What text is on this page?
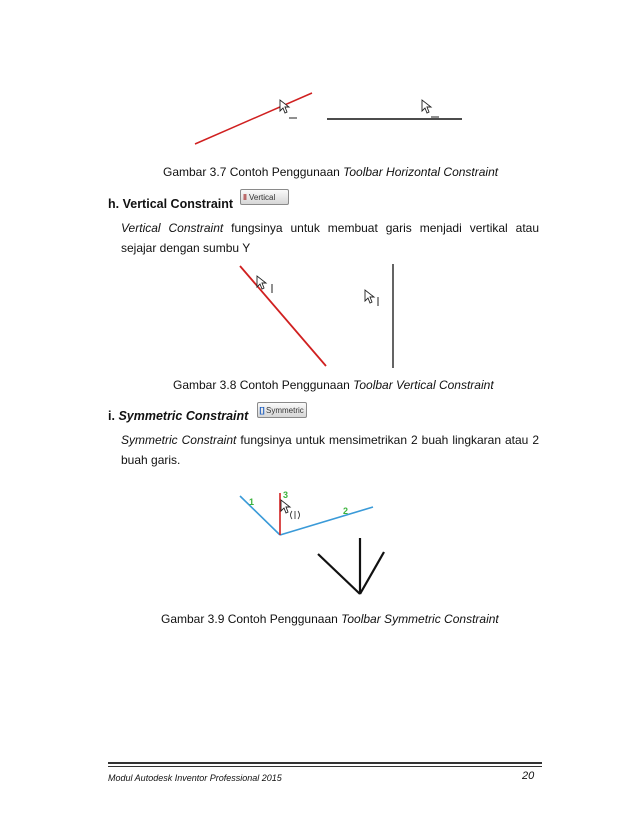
Gambar 3.7 Contoh Penggunaan Toolbar Horizontal Constraint
h. Vertical Constraint	‖ Vertical
Vertical Constraint fungsinya untuk membuat garis menjadi vertikal atau sejajar dengan sumbu Y
Gambar 3.8 Contoh Penggunaan Toolbar Vertical Constraint
i. Symmetric Constraint []Symmetric
Symmetric Constraint fungsinya untuk mensimetrikan 2 buah lingkaran atau 2 buah garis.
1
2
3
Gambar 3.9 Contoh Penggunaan Toolbar Symmetric Constraint
Modul Autodesk Inventor Professional 2015	20
